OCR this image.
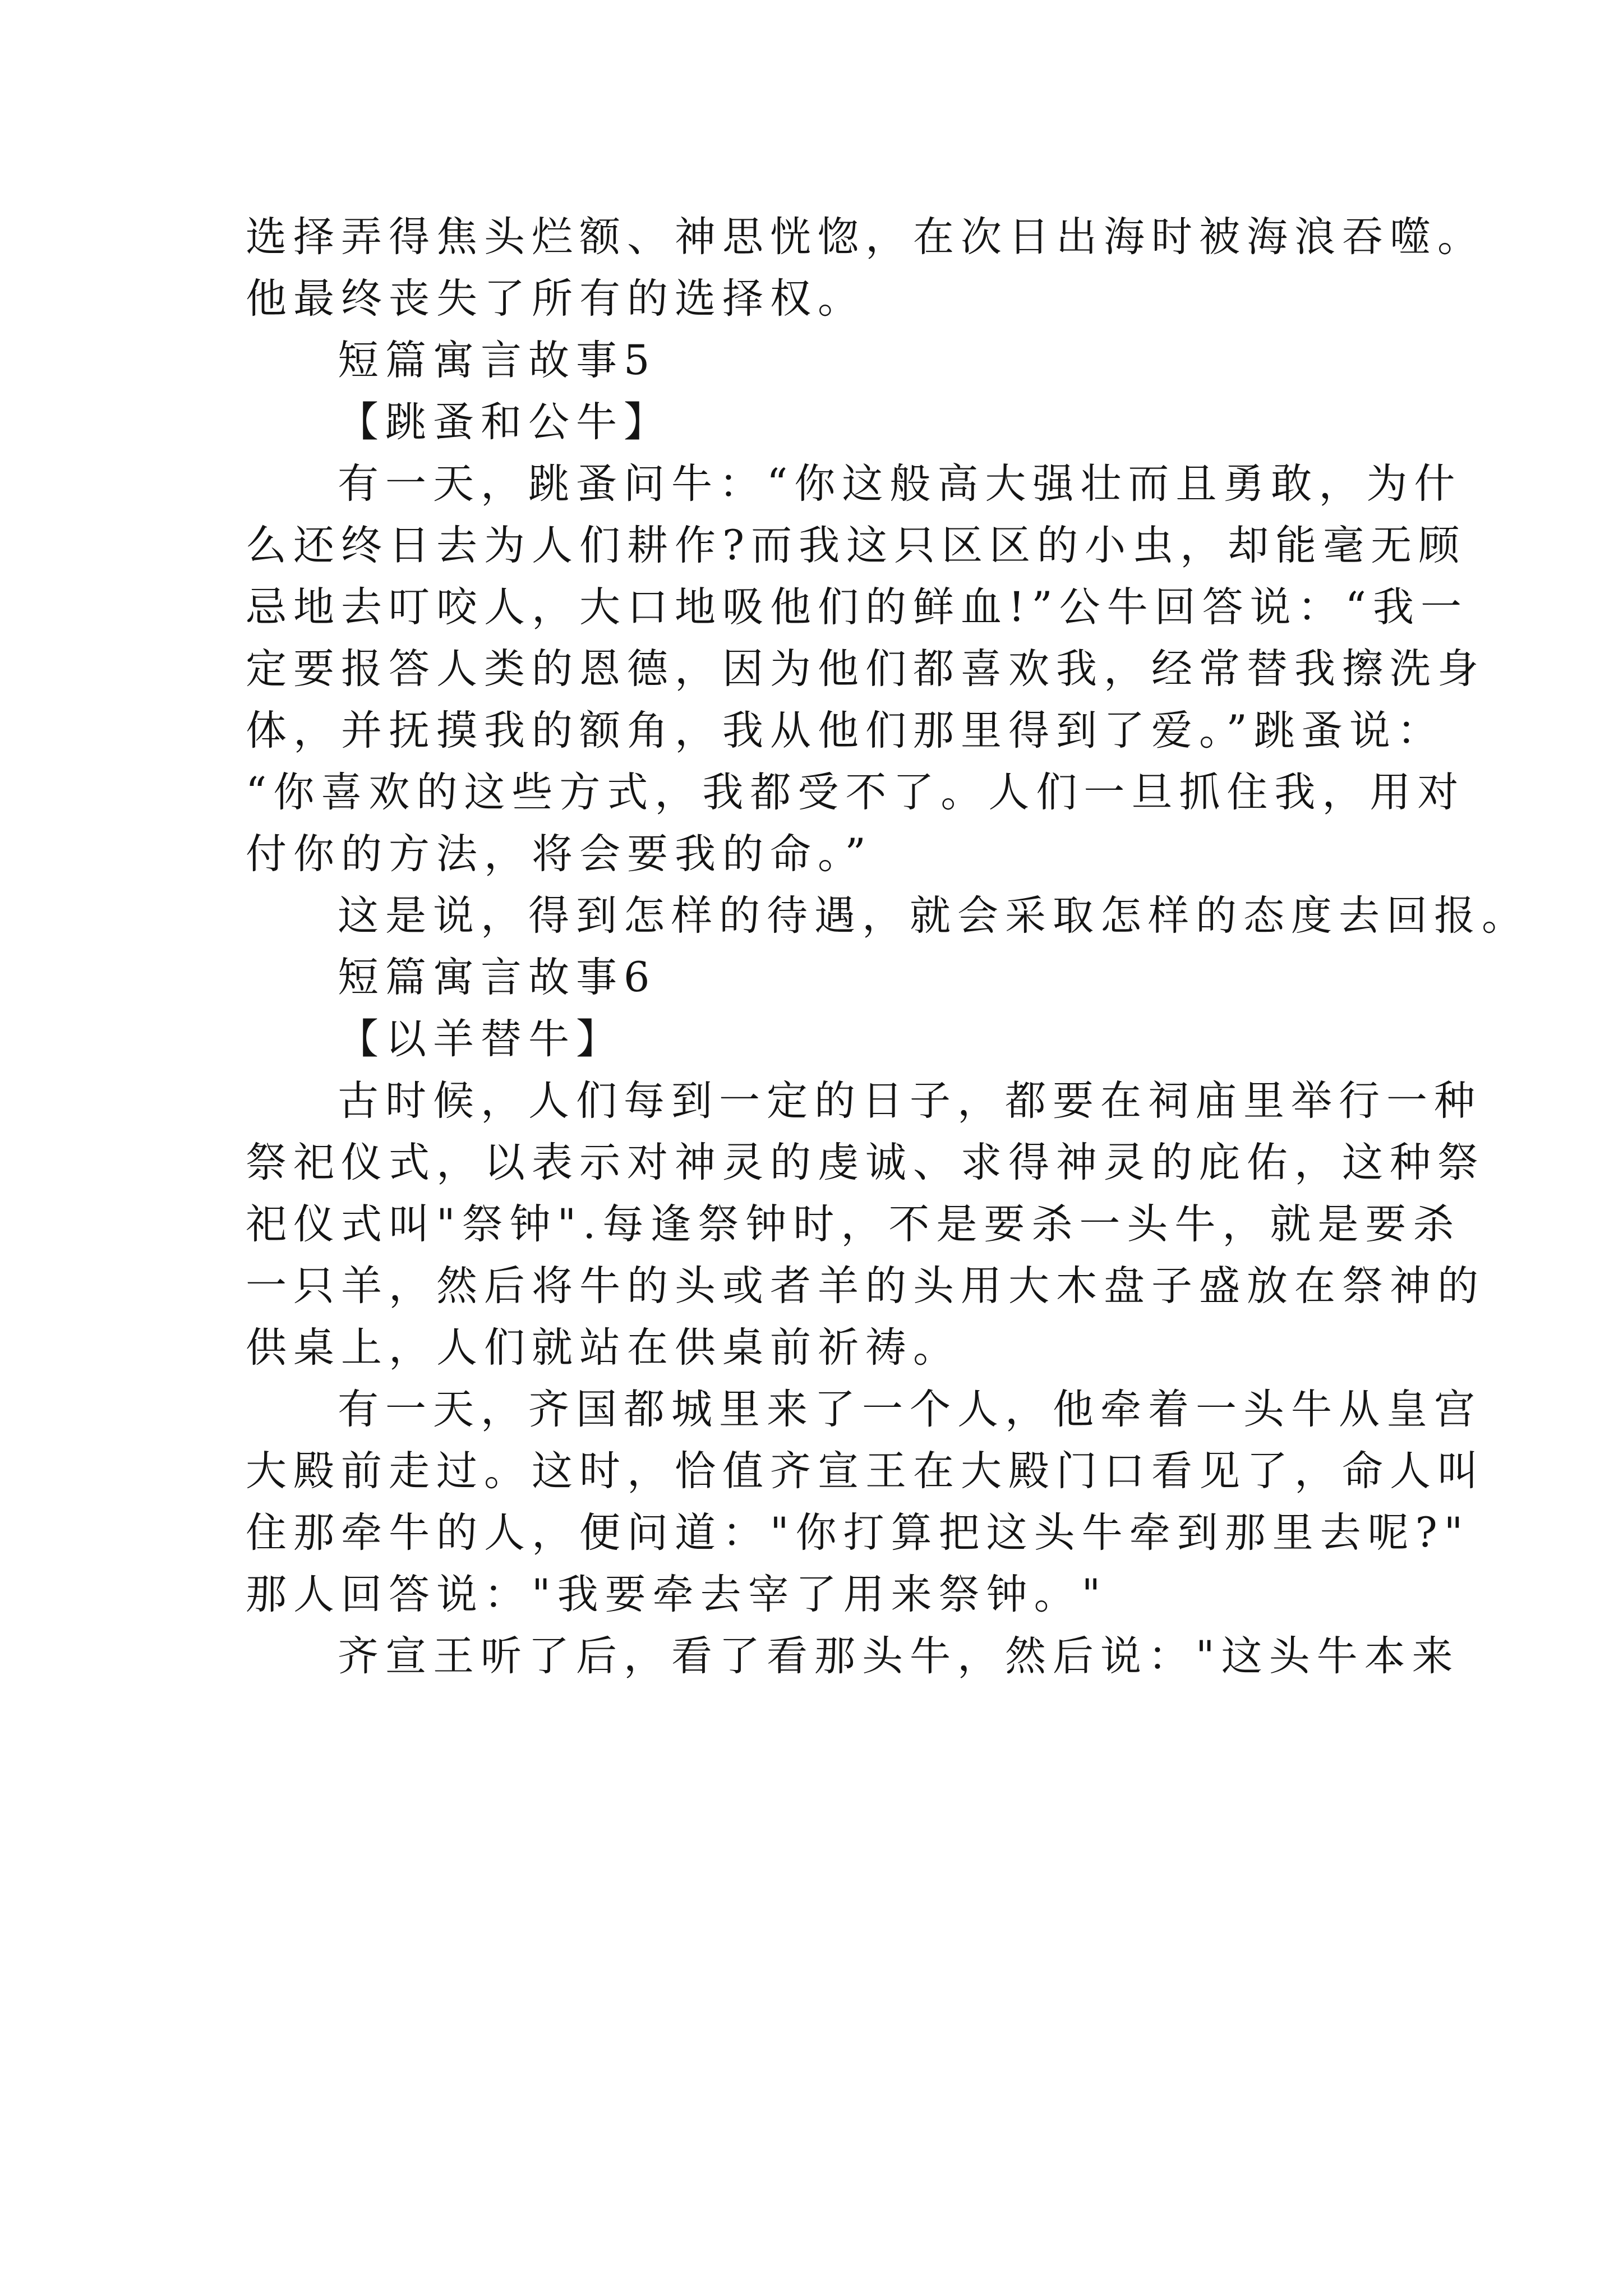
选择弄得焦头烂额、神思恍惚，在次日出海时被海浪吞噬。
他最终丧失了所有的选择权。
短篇寓言故事5
【跳蚤和公牛】
有一天，跳蚤问牛：“你这般高大强壮而且勇敢，为什
么还终日去为人们耕作?而我这只区区的小虫，却能毫无顾
忌地去叮咬人，大口地吸他们的鲜血!”公牛回答说：“我一
定要报答人类的恩德，因为他们都喜欢我，经常替我擦洗身
体，并抚摸我的额角，我从他们那里得到了爱。”跳蚤说：
“你喜欢的这些方式，我都受不了。人们一旦抓住我，用对
付你的方法，将会要我的命。”
这是说，得到怎样的待遇，就会采取怎样的态度去回报。
短篇寓言故事6
【以羊替牛】
古时候，人们每到一定的日子，都要在祠庙里举行一种
祭祀仪式，以表示对神灵的虔诚、求得神灵的庇佑，这种祭
祀仪式叫"祭钟".每逢祭钟时，不是要杀一头牛，就是要杀
一只羊，然后将牛的头或者羊的头用大木盘子盛放在祭神的
供桌上，人们就站在供桌前祈祷。
有一天，齐国都城里来了一个人，他牵着一头牛从皇宫
大殿前走过。这时，恰值齐宣王在大殿门口看见了，命人叫
住那牵牛的人，便问道："你打算把这头牛牵到那里去呢?"
那人回答说："我要牵去宰了用来祭钟。"
齐宣王听了后，看了看那头牛，然后说："这头牛本来
